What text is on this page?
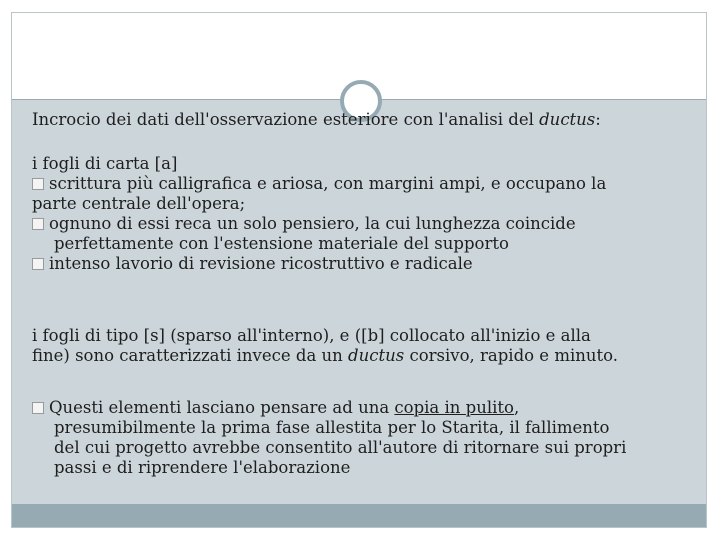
Incrocio dei dati dell'osservazione esteriore con l'analisi del ductus:
i fogli di carta [a]
scrittura più calligrafica e ariosa, con margini ampi, e occupano la
parte centrale dell'opera;
ognuno di essi reca un solo pensiero, la cui lunghezza coincide
perfettamente con l'estensione materiale del supporto
intenso lavorio di revisione ricostruttivo e radicale
i fogli di tipo [s] (sparso all'interno), e ([b] collocato all'inizio e alla
fine) sono caratterizzati invece da un ductus corsivo, rapido e minuto.
Questi elementi lasciano pensare ad una copia in pulito,
presumibilmente la prima fase allestita per lo Starita, il fallimento
del cui progetto avrebbe consentito all'autore di ritornare sui propri
passi e di riprendere l'elaborazione
